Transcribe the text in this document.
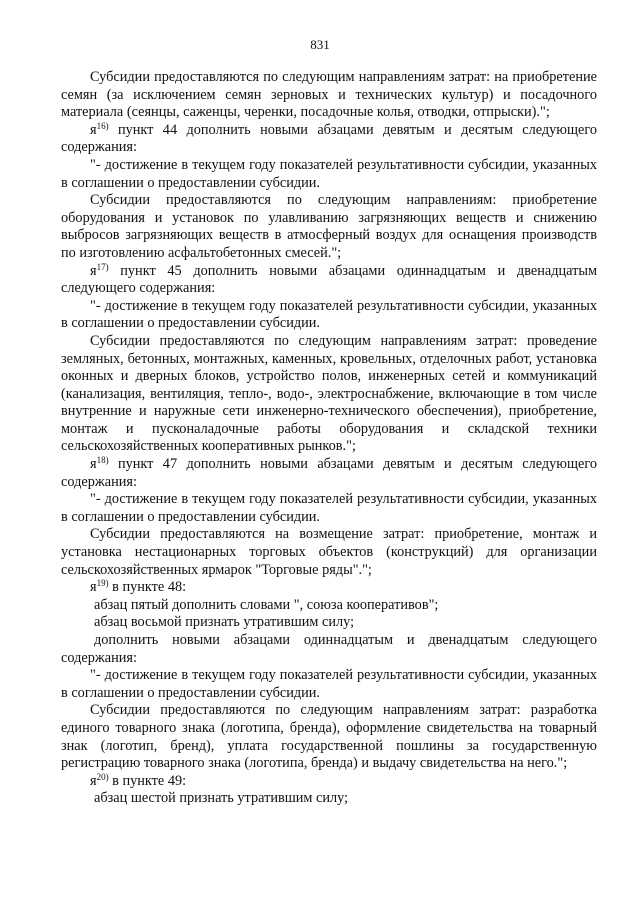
831

Субсидии предоставляются по следующим направлениям затрат: на приобретение семян (за исключением семян зерновых и технических культур) и посадочного материала (сеянцы, саженцы, черенки, посадочные колья, отводки, отпрыски).";

$я^{16)}$ пункт 44 дополнить новыми абзацами девятым и десятым следующего содержания:

"- достижение в текущем году показателей результативности субсидии, указанных в соглашении о предоставлении субсидии.

Субсидии предоставляются по следующим направлениям: приобретение оборудования и установок по улавливанию загрязняющих веществ и снижению выбросов загрязняющих веществ в атмосферный воздух для оснащения производств по изготовлению асфальтобетонных смесей.";

$я^{17)}$ пункт 45 дополнить новыми абзацами одиннадцатым и двенадцатым следующего содержания:

"- достижение в текущем году показателей результативности субсидии, указанных в соглашении о предоставлении субсидии.

Субсидии предоставляются по следующим направлениям затрат: проведение земляных, бетонных, монтажных, каменных, кровельных, отделочных работ, установка оконных и дверных блоков, устройство полов, инженерных сетей и коммуникаций (канализация, вентиляция, тепло-, водо-, электроснабжение, включающие в том числе внутренние и наружные сети инженерно-технического обеспечения), приобретение, монтаж и пусконаладочные работы оборудования и складской техники сельскохозяйственных кооперативных рынков.";

$я^{18)}$ пункт 47 дополнить новыми абзацами девятым и десятым следующего содержания:

"- достижение в текущем году показателей результативности субсидии, указанных в соглашении о предоставлении субсидии.

Субсидии предоставляются на возмещение затрат: приобретение, монтаж и установка нестационарных торговых объектов (конструкций) для организации сельскохозяйственных ярмарок "Торговые ряды".";

$я^{19)}$ в пункте 48:

абзац пятый дополнить словами ", союза кооперативов";

абзац восьмой признать утратившим силу;

дополнить новыми абзацами одиннадцатым и двенадцатым следующего содержания:

"- достижение в текущем году показателей результативности субсидии, указанных в соглашении о предоставлении субсидии.

Субсидии предоставляются по следующим направлениям затрат: разработка единого товарного знака (логотипа, бренда), оформление свидетельства на товарный знак (логотип, бренд), уплата государственной пошлины за государственную регистрацию товарного знака (логотипа, бренда) и выдачу свидетельства на него.";

$я^{20)}$ в пункте 49:

абзац шестой признать утратившим силу;
